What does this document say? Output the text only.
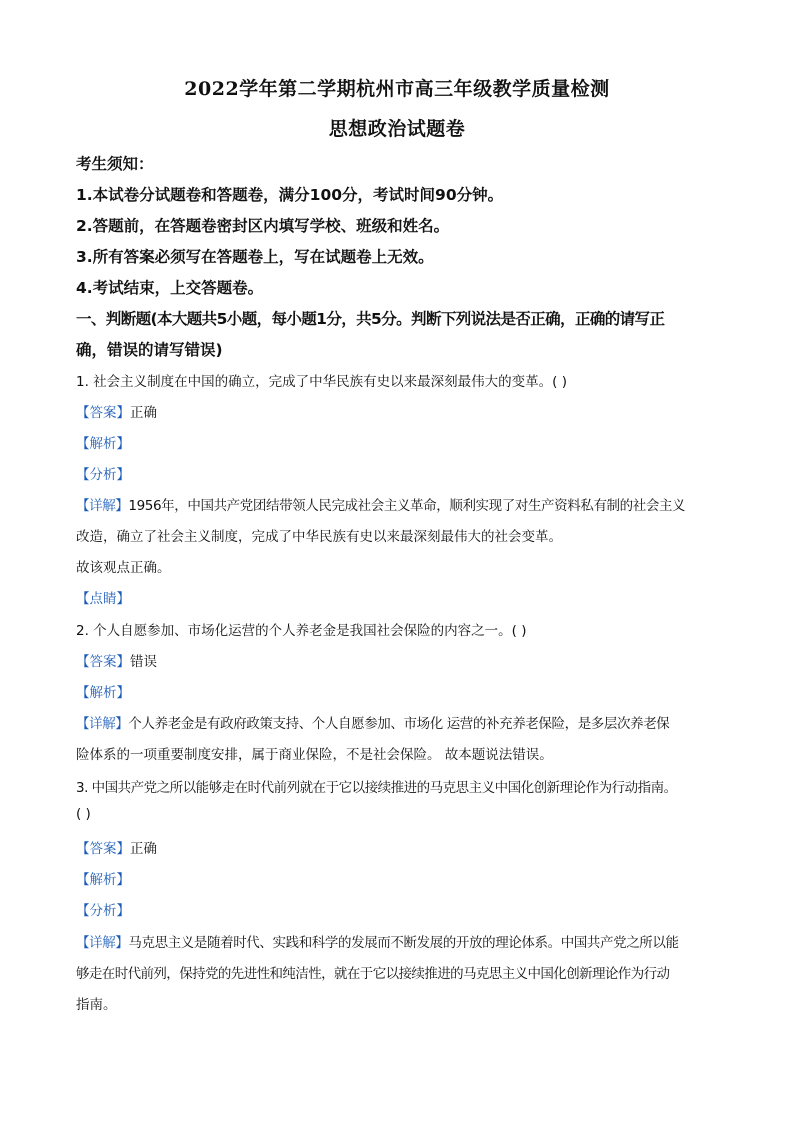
2022学年第二学期杭州市高三年级教学质量检测
思想政治试题卷
考生须知：
1.本试卷分试题卷和答题卷，满分100分，考试时间90分钟。
2.答题前，在答题卷密封区内填写学校、班级和姓名。
3.所有答案必须写在答题卷上，写在试题卷上无效。
4.考试结束，上交答题卷。
一、判断题(本大题共5小题，每小题1分，共5分。判断下列说法是否正确，正确的请写正
确，错误的请写错误)
1. 社会主义制度在中国的确立，完成了中华民族有史以来最深刻最伟大的变革。( )
【答案】正确
【解析】
【分析】
【详解】1956年，中国共产党团结带领人民完成社会主义革命，顺利实现了对生产资料私有制的社会主义
改造，确立了社会主义制度，完成了中华民族有史以来最深刻最伟大的社会变革。
故该观点正确。
【点睛】
2. 个人自愿参加、市场化运营的个人养老金是我国社会保险的内容之一。( )
【答案】错误
【解析】
【详解】个人养老金是有政府政策支持、个人自愿参加、市场化 运营的补充养老保险，是多层次养老保
险体系的一项重要制度安排，属于商业保险，不是社会保险。 故本题说法错误。
3. 中国共产党之所以能够走在时代前列就在于它以接续推进的马克思主义中国化创新理论作为行动指南。
( )
【答案】正确
【解析】
【分析】
【详解】马克思主义是随着时代、实践和科学的发展而不断发展的开放的理论体系。中国共产党之所以能
够走在时代前列，保持党的先进性和纯洁性，就在于它以接续推进的马克思主义中国化创新理论作为行动
指南。
